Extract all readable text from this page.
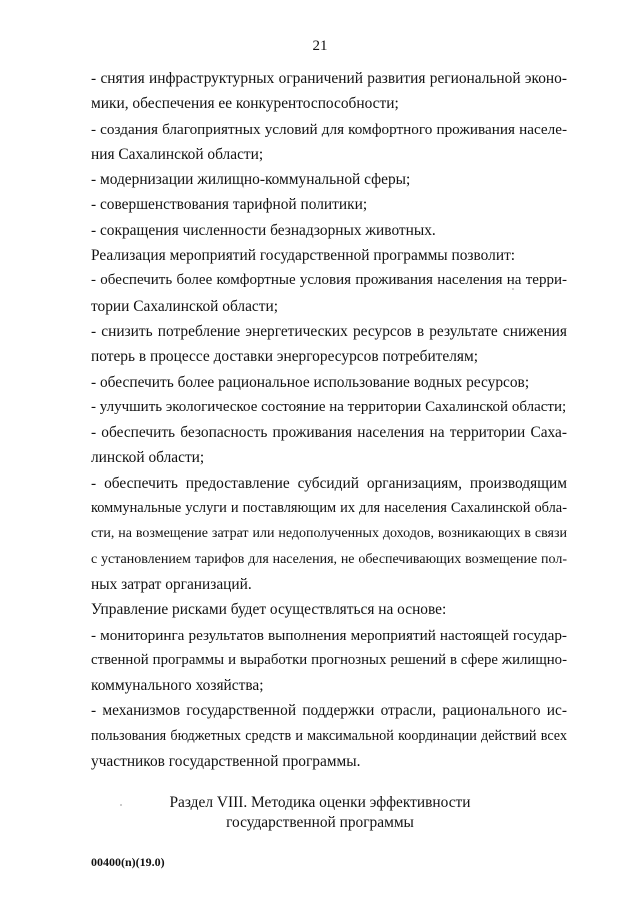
21
- снятия инфраструктурных ограничений развития региональной эконо-
мики, обеспечения ее конкурентоспособности;
- создания благоприятных условий для комфортного проживания населе-
ния Сахалинской области;
- модернизации жилищно-коммунальной сферы;
- совершенствования тарифной политики;
- сокращения численности безнадзорных животных.
Реализация мероприятий государственной программы позволит:
- обеспечить более комфортные условия проживания населения на терри-
тории Сахалинской области;
- снизить потребление энергетических ресурсов в результате снижения
потерь в процессе доставки энергоресурсов потребителям;
- обеспечить более рациональное использование водных ресурсов;
- улучшить экологическое состояние на территории Сахалинской области;
- обеспечить безопасность проживания населения на территории Саха-
линской области;
- обеспечить предоставление субсидий организациям, производящим
коммунальные услуги и поставляющим их для населения Сахалинской обла-
сти, на возмещение затрат или недополученных доходов, возникающих в связи
с установлением тарифов для населения, не обеспечивающих возмещение пол-
ных затрат организаций.
Управление рисками будет осуществляться на основе:
- мониторинга результатов выполнения мероприятий настоящей государ-
ственной программы и выработки прогнозных решений в сфере жилищно-
коммунального хозяйства;
- механизмов государственной поддержки отрасли, рационального ис-
пользования бюджетных средств и максимальной координации действий всех
участников государственной программы.
Раздел VIII. Методика оценки эффективности
государственной программы
00400(n)(19.0)
